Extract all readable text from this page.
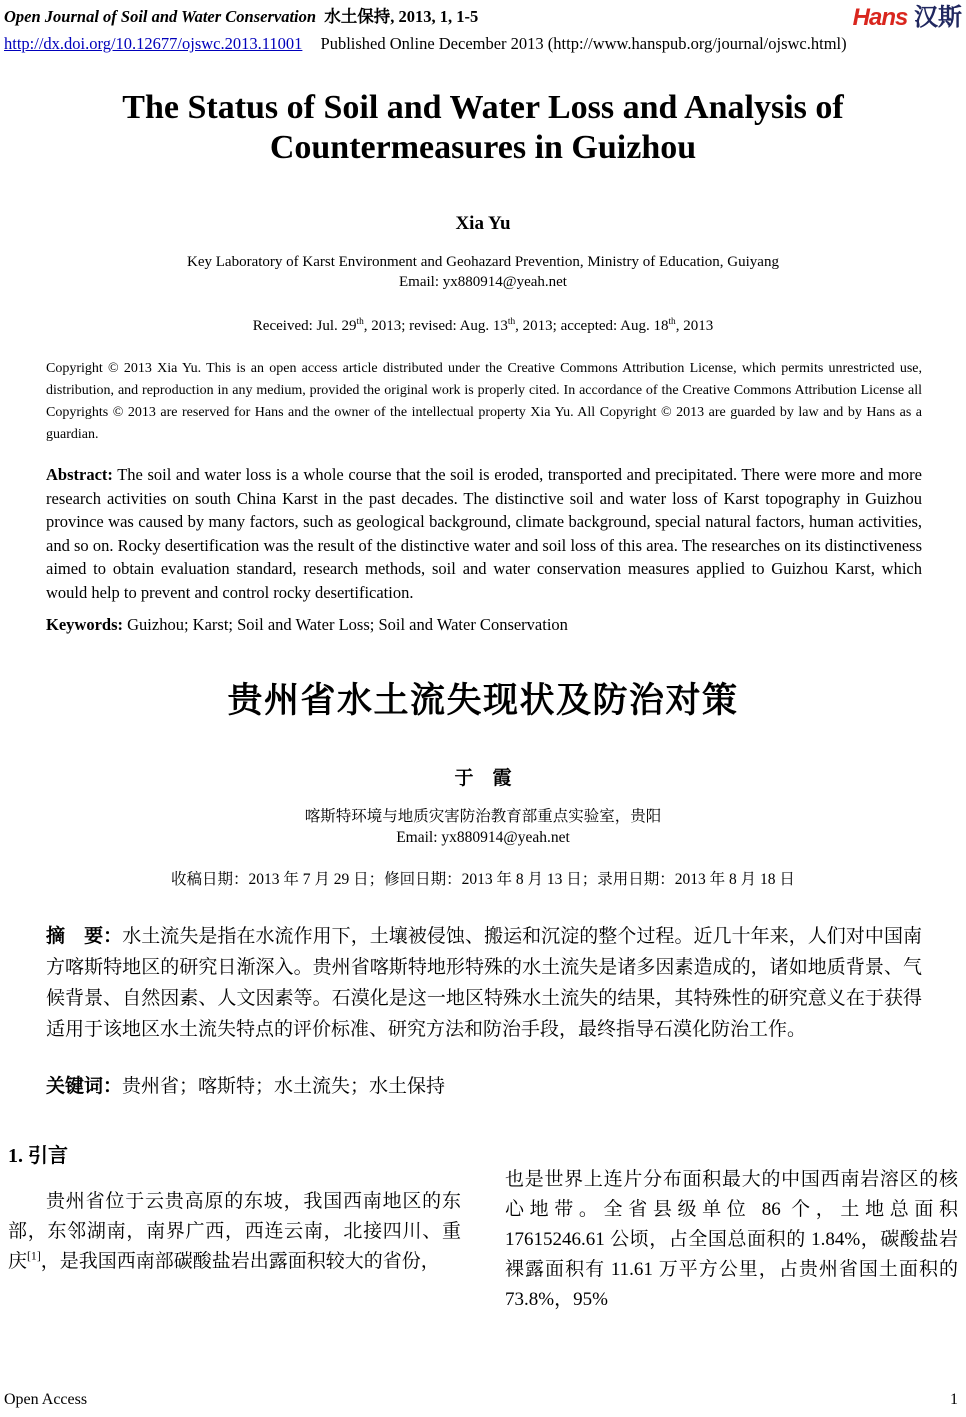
Open Journal of Soil and Water Conservation 水土保持, 2013, 1, 1-5	Hans 汉斯
http://dx.doi.org/10.12677/ojswc.2013.11001 Published Online December 2013 (http://www.hanspub.org/journal/ojswc.html)
The Status of Soil and Water Loss and Analysis of Countermeasures in Guizhou
Xia Yu
Key Laboratory of Karst Environment and Geohazard Prevention, Ministry of Education, Guiyang
Email: yx880914@yeah.net
Received: Jul. 29th, 2013; revised: Aug. 13th, 2013; accepted: Aug. 18th, 2013
Copyright © 2013 Xia Yu. This is an open access article distributed under the Creative Commons Attribution License, which permits unrestricted use, distribution, and reproduction in any medium, provided the original work is properly cited. In accordance of the Creative Commons Attribution License all Copyrights © 2013 are reserved for Hans and the owner of the intellectual property Xia Yu. All Copyright © 2013 are guarded by law and by Hans as a guardian.
Abstract: The soil and water loss is a whole course that the soil is eroded, transported and precipitated. There were more and more research activities on south China Karst in the past decades. The distinctive soil and water loss of Karst topography in Guizhou province was caused by many factors, such as geological background, climate background, special natural factors, human activities, and so on. Rocky desertification was the result of the distinctive water and soil loss of this area. The researches on its distinctiveness aimed to obtain evaluation standard, research methods, soil and water conservation measures applied to Guizhou Karst, which would help to prevent and control rocky desertification.
Keywords: Guizhou; Karst; Soil and Water Loss; Soil and Water Conservation
贵州省水土流失现状及防治对策
于　霞
喀斯特环境与地质灾害防治教育部重点实验室，贵阳
Email: yx880914@yeah.net
收稿日期：2013 年 7 月 29 日；修回日期：2013 年 8 月 13 日；录用日期：2013 年 8 月 18 日
摘　要：水土流失是指在水流作用下，土壤被侵蚀、搬运和沉淀的整个过程。近几十年来，人们对中国南方喀斯特地区的研究日渐深入。贵州省喀斯特地形特殊的水土流失是诸多因素造成的，诸如地质背景、气候背景、自然因素、人文因素等。石漠化是这一地区特殊水土流失的结果，其特殊性的研究意义在于获得适用于该地区水土流失特点的评价标准、研究方法和防治手段，最终指导石漠化防治工作。
关键词：贵州省；喀斯特；水土流失；水土保持
1. 引言

贵州省位于云贵高原的东坡，我国西南地区的东部，东邻湖南，南界广西，西连云南，北接四川、重庆[1]，是我国西南部碳酸盐岩出露面积较大的省份，

也是世界上连片分布面积最大的中国西南岩溶区的核心地带。全省县级单位 86 个，土地总面积 17615246.61 公顷，占全国总面积的 1.84%，碳酸盐岩裸露面积有 11.61 万平方公里，占贵州省国土面积的 73.8%，95%
Open Access	1
